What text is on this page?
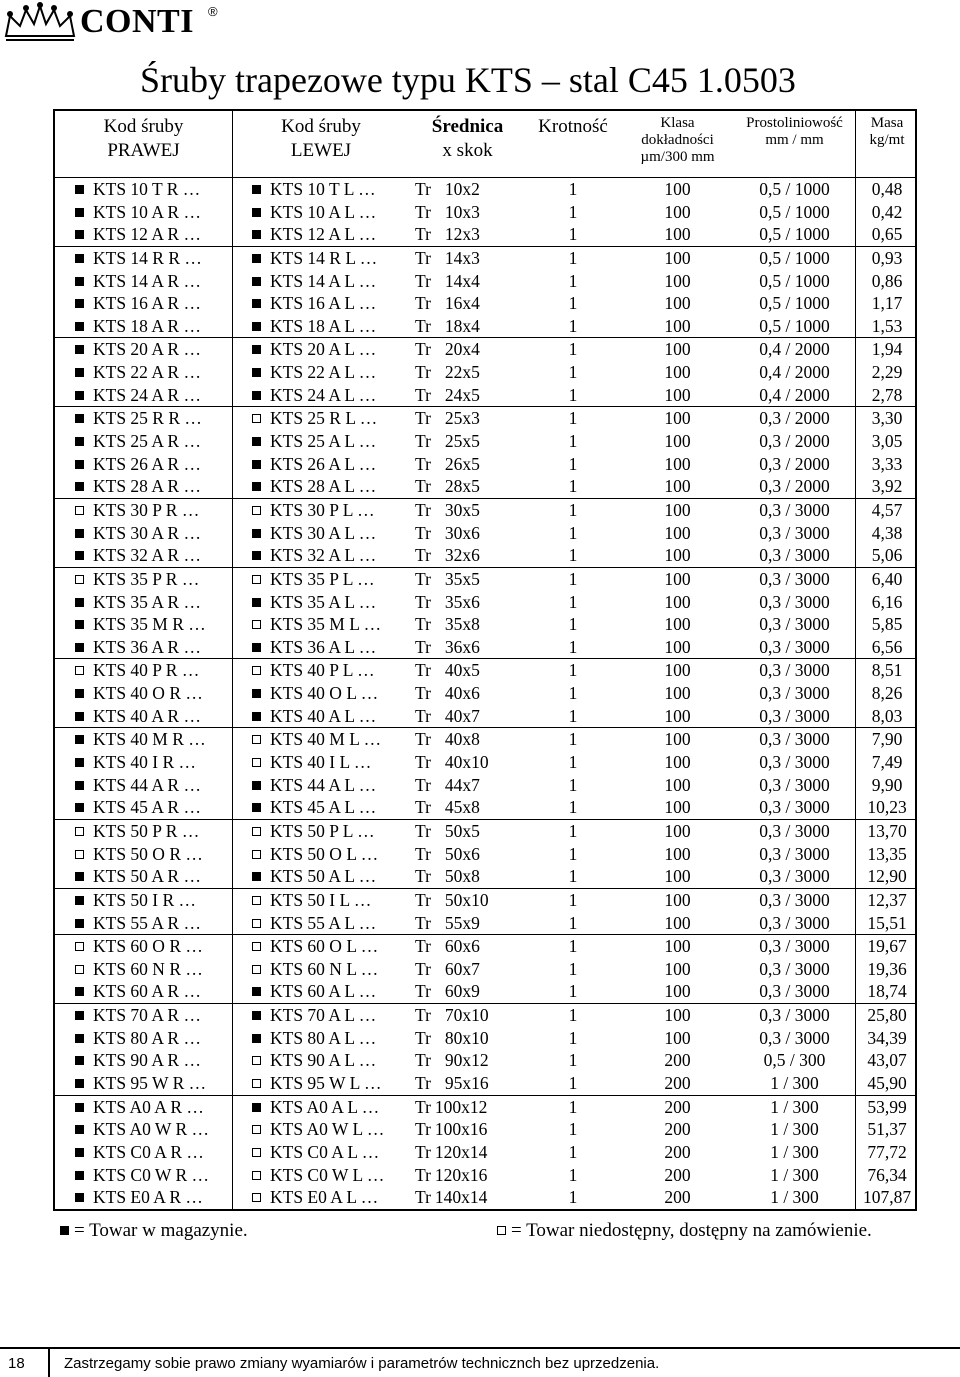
CONTI ®
Śruby trapezowe typu KTS – stal C45 1.0503
Kod śruby
PRAWEJ
Kod śruby
LEWEJ
Średnica
x skok
Krotność	Klasa
dokładności
µm/300 mm
Prostoliniowość
mm / mm
Masa
kg/mt
KTS 10 T R …	KTS 10 T L …	Tr 10x2	1	100	0,5 / 1000	0,48
KTS 10 A R …	KTS 10 A L …	Tr 10x3	1	100	0,5 / 1000	0,42
KTS 12 A R …	KTS 12 A L …	Tr 12x3	1	100	0,5 / 1000	0,65
KTS 14 R R …	KTS 14 R L …	Tr 14x3	1	100	0,5 / 1000	0,93
KTS 14 A R …	KTS 14 A L …	Tr 14x4	1	100	0,5 / 1000	0,86
KTS 16 A R …	KTS 16 A L …	Tr 16x4	1	100	0,5 / 1000	1,17
KTS 18 A R …	KTS 18 A L …	Tr 18x4	1	100	0,5 / 1000	1,53
KTS 20 A R …	KTS 20 A L …	Tr 20x4	1	100	0,4 / 2000	1,94
KTS 22 A R …	KTS 22 A L …	Tr 22x5	1	100	0,4 / 2000	2,29
KTS 24 A R …	KTS 24 A L …	Tr 24x5	1	100	0,4 / 2000	2,78
KTS 25 R R …	KTS 25 R L …	Tr 25x3	1	100	0,3 / 2000	3,30
KTS 25 A R …	KTS 25 A L …	Tr 25x5	1	100	0,3 / 2000	3,05
KTS 26 A R …	KTS 26 A L …	Tr 26x5	1	100	0,3 / 2000	3,33
KTS 28 A R …	KTS 28 A L …	Tr 28x5	1	100	0,3 / 2000	3,92
KTS 30 P R …	KTS 30 P L …	Tr 30x5	1	100	0,3 / 3000	4,57
KTS 30 A R …	KTS 30 A L …	Tr 30x6	1	100	0,3 / 3000	4,38
KTS 32 A R …	KTS 32 A L …	Tr 32x6	1	100	0,3 / 3000	5,06
KTS 35 P R …	KTS 35 P L …	Tr 35x5	1	100	0,3 / 3000	6,40
KTS 35 A R …	KTS 35 A L …	Tr 35x6	1	100	0,3 / 3000	6,16
KTS 35 M R …	KTS 35 M L …	Tr 35x8	1	100	0,3 / 3000	5,85
KTS 36 A R …	KTS 36 A L …	Tr 36x6	1	100	0,3 / 3000	6,56
KTS 40 P R …	KTS 40 P L …	Tr 40x5	1	100	0,3 / 3000	8,51
KTS 40 O R …	KTS 40 O L …	Tr 40x6	1	100	0,3 / 3000	8,26
KTS 40 A R …	KTS 40 A L …	Tr 40x7	1	100	0,3 / 3000	8,03
KTS 40 M R …	KTS 40 M L …	Tr 40x8	1	100	0,3 / 3000	7,90
KTS 40 I R …	KTS 40 I L …	Tr 40x10	1	100	0,3 / 3000	7,49
KTS 44 A R …	KTS 44 A L …	Tr 44x7	1	100	0,3 / 3000	9,90
KTS 45 A R …	KTS 45 A L …	Tr 45x8	1	100	0,3 / 3000	10,23
KTS 50 P R …	KTS 50 P L …	Tr 50x5	1	100	0,3 / 3000	13,70
KTS 50 O R …	KTS 50 O L …	Tr 50x6	1	100	0,3 / 3000	13,35
KTS 50 A R …	KTS 50 A L …	Tr 50x8	1	100	0,3 / 3000	12,90
KTS 50 I R …	KTS 50 I L …	Tr 50x10	1	100	0,3 / 3000	12,37
KTS 55 A R …	KTS 55 A L …	Tr 55x9	1	100	0,3 / 3000	15,51
KTS 60 O R …	KTS 60 O L …	Tr 60x6	1	100	0,3 / 3000	19,67
KTS 60 N R …	KTS 60 N L …	Tr 60x7	1	100	0,3 / 3000	19,36
KTS 60 A R …	KTS 60 A L …	Tr 60x9	1	100	0,3 / 3000	18,74
KTS 70 A R …	KTS 70 A L …	Tr 70x10	1	100	0,3 / 3000	25,80
KTS 80 A R …	KTS 80 A L …	Tr 80x10	1	100	0,3 / 3000	34,39
KTS 90 A R …	KTS 90 A L …	Tr 90x12	1	200	0,5 / 300	43,07
KTS 95 W R …	KTS 95 W L …	Tr 95x16	1	200	1 / 300	45,90
KTS A0 A R …	KTS A0 A L …	Tr 100x12	1	200	1 / 300	53,99
KTS A0 W R …	KTS A0 W L …	Tr 100x16	1	200	1 / 300	51,37
KTS C0 A R …	KTS C0 A L …	Tr 120x14	1	200	1 / 300	77,72
KTS C0 W R …	KTS C0 W L …	Tr 120x16	1	200	1 / 300	76,34
KTS E0 A R …	KTS E0 A L …	Tr 140x14	1	200	1 / 300	107,87
= Towar w magazynie.	= Towar niedostępny, dostępny na zamówienie.
18	Zastrzegamy sobie prawo zmiany wyamiarów i parametrów technicznch bez uprzedzenia.
